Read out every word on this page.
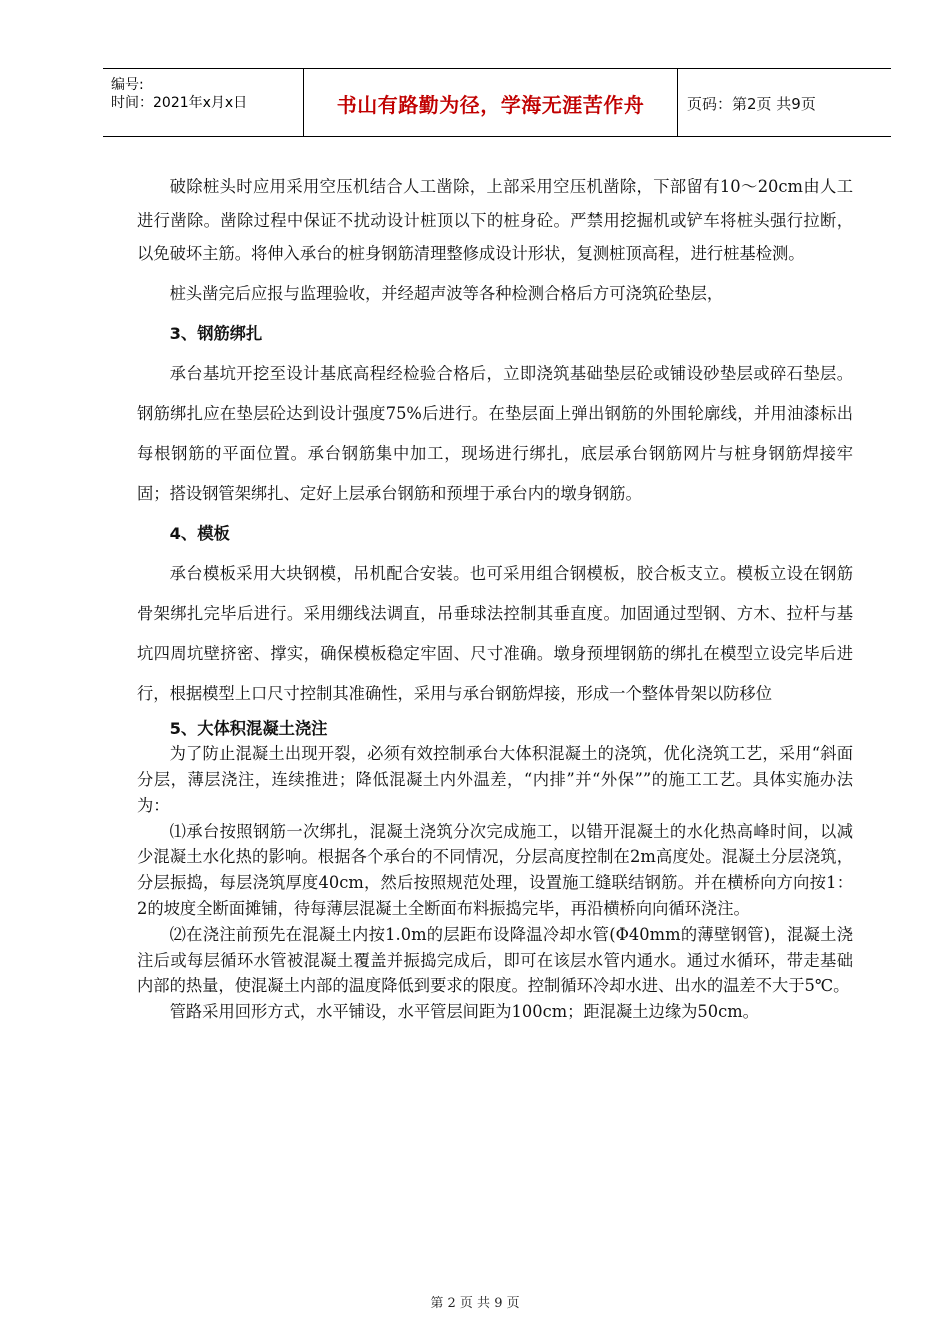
编号:
时间：2021年x月x日	书山有路勤为径，学海无涯苦作舟	页码：第2页 共9页

破除桩头时应用采用空压机结合人工凿除，上部采用空压机凿除，下部留有10～20cm由人工进行凿除。凿除过程中保证不扰动设计桩顶以下的桩身砼。严禁用挖掘机或铲车将桩头强行拉断，以免破坏主筋。将伸入承台的桩身钢筋清理整修成设计形状，复测桩顶高程，进行桩基检测。

桩头凿完后应报与监理验收，并经超声波等各种检测合格后方可浇筑砼垫层，

3、钢筋绑扎

承台基坑开挖至设计基底高程经检验合格后，立即浇筑基础垫层砼或铺设砂垫层或碎石垫层。钢筋绑扎应在垫层砼达到设计强度75%后进行。在垫层面上弹出钢筋的外围轮廓线，并用油漆标出每根钢筋的平面位置。承台钢筋集中加工，现场进行绑扎，底层承台钢筋网片与桩身钢筋焊接牢固；搭设钢管架绑扎、定好上层承台钢筋和预埋于承台内的墩身钢筋。

4、模板

承台模板采用大块钢模，吊机配合安装。也可采用组合钢模板，胶合板支立。模板立设在钢筋骨架绑扎完毕后进行。采用绷线法调直，吊垂球法控制其垂直度。加固通过型钢、方木、拉杆与基坑四周坑壁挤密、撑实，确保模板稳定牢固、尺寸准确。墩身预埋钢筋的绑扎在模型立设完毕后进行，根据模型上口尺寸控制其准确性，采用与承台钢筋焊接，形成一个整体骨架以防移位

5、大体积混凝土浇注

为了防止混凝土出现开裂，必须有效控制承台大体积混凝土的浇筑，优化浇筑工艺，采用“斜面分层，薄层浇注，连续推进；降低混凝土内外温差，“内排”并“外保””的施工工艺。具体实施办法为：

⑴承台按照钢筋一次绑扎，混凝土浇筑分次完成施工，以错开混凝土的水化热高峰时间，以减少混凝土水化热的影响。根据各个承台的不同情况，分层高度控制在2m高度处。混凝土分层浇筑，分层振捣，每层浇筑厚度40cm，然后按照规范处理，设置施工缝联结钢筋。并在横桥向方向按1：2的坡度全断面摊铺，待每薄层混凝土全断面布料振捣完毕，再沿横桥向向循环浇注。

⑵在浇注前预先在混凝土内按1.0m的层距布设降温冷却水管(Φ40mm的薄壁钢管)，混凝土浇注后或每层循环水管被混凝土覆盖并振捣完成后，即可在该层水管内通水。通过水循环，带走基础内部的热量，使混凝土内部的温度降低到要求的限度。控制循环冷却水进、出水的温差不大于5℃。

管路采用回形方式，水平铺设，水平管层间距为100cm；距混凝土边缘为50cm。

第 2 页 共 9 页
